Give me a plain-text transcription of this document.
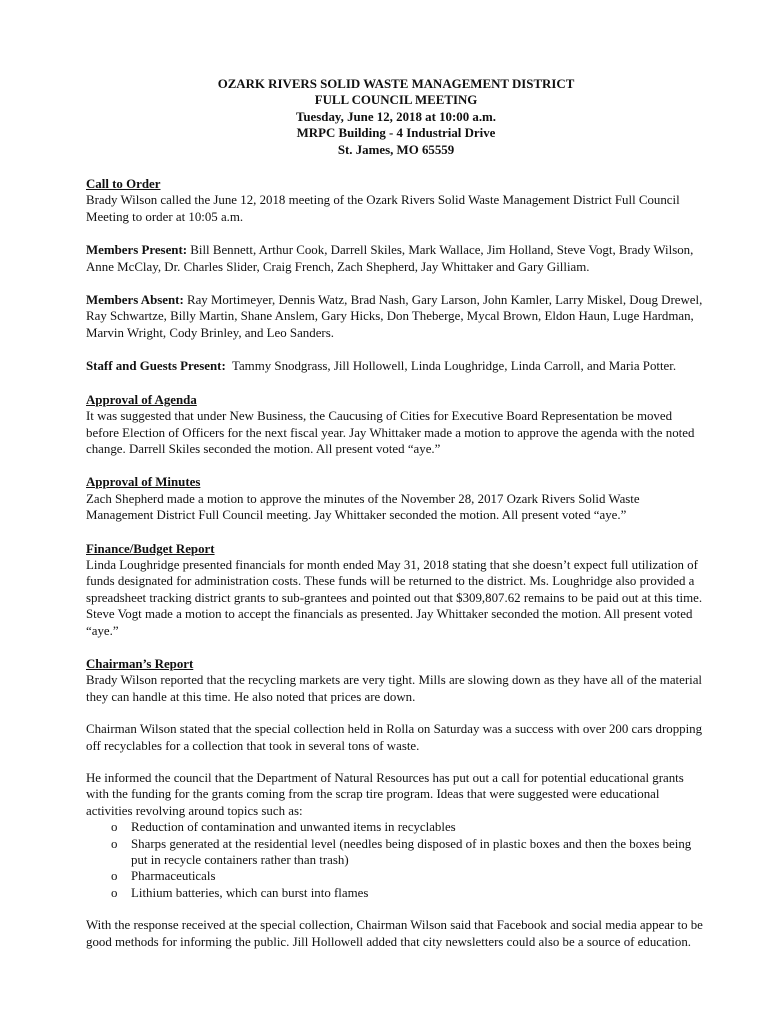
OZARK RIVERS SOLID WASTE MANAGEMENT DISTRICT
FULL COUNCIL MEETING
Tuesday, June 12, 2018 at 10:00 a.m.
MRPC Building - 4 Industrial Drive
St. James, MO 65559
Call to Order

Brady Wilson called the June 12, 2018 meeting of the Ozark Rivers Solid Waste Management District Full Council Meeting to order at 10:05 a.m.

Members Present: Bill Bennett, Arthur Cook, Darrell Skiles, Mark Wallace, Jim Holland, Steve Vogt, Brady Wilson, Anne McClay, Dr. Charles Slider, Craig French, Zach Shepherd, Jay Whittaker and Gary Gilliam.

Members Absent: Ray Mortimeyer, Dennis Watz, Brad Nash, Gary Larson, John Kamler, Larry Miskel, Doug Drewel, Ray Schwartze, Billy Martin, Shane Anslem, Gary Hicks, Don Theberge, Mycal Brown, Eldon Haun, Luge Hardman, Marvin Wright, Cody Brinley, and Leo Sanders.

Staff and Guests Present:  Tammy Snodgrass, Jill Hollowell, Linda Loughridge, Linda Carroll, and Maria Potter.

Approval of Agenda

It was suggested that under New Business, the Caucusing of Cities for Executive Board Representation be moved before Election of Officers for the next fiscal year. Jay Whittaker made a motion to approve the agenda with the noted change. Darrell Skiles seconded the motion. All present voted “aye.”

Approval of Minutes

Zach Shepherd made a motion to approve the minutes of the November 28, 2017 Ozark Rivers Solid Waste Management District Full Council meeting. Jay Whittaker seconded the motion. All present voted “aye.”

Finance/Budget Report

Linda Loughridge presented financials for month ended May 31, 2018 stating that she doesn’t expect full utilization of funds designated for administration costs. These funds will be returned to the district. Ms. Loughridge also provided a spreadsheet tracking district grants to sub-grantees and pointed out that $309,807.62 remains to be paid out at this time. Steve Vogt made a motion to accept the financials as presented. Jay Whittaker seconded the motion. All present voted “aye.”

Chairman’s Report

Brady Wilson reported that the recycling markets are very tight. Mills are slowing down as they have all of the material they can handle at this time. He also noted that prices are down.

Chairman Wilson stated that the special collection held in Rolla on Saturday was a success with over 200 cars dropping off recyclables for a collection that took in several tons of waste.

He informed the council that the Department of Natural Resources has put out a call for potential educational grants with the funding for the grants coming from the scrap tire program. Ideas that were suggested were educational activities revolving around topics such as:

o Reduction of contamination and unwanted items in recyclables
o Sharps generated at the residential level (needles being disposed of in plastic boxes and then the boxes being put in recycle containers rather than trash)
o Pharmaceuticals
o Lithium batteries, which can burst into flames

With the response received at the special collection, Chairman Wilson said that Facebook and social media appear to be good methods for informing the public. Jill Hollowell added that city newsletters could also be a source of education.
